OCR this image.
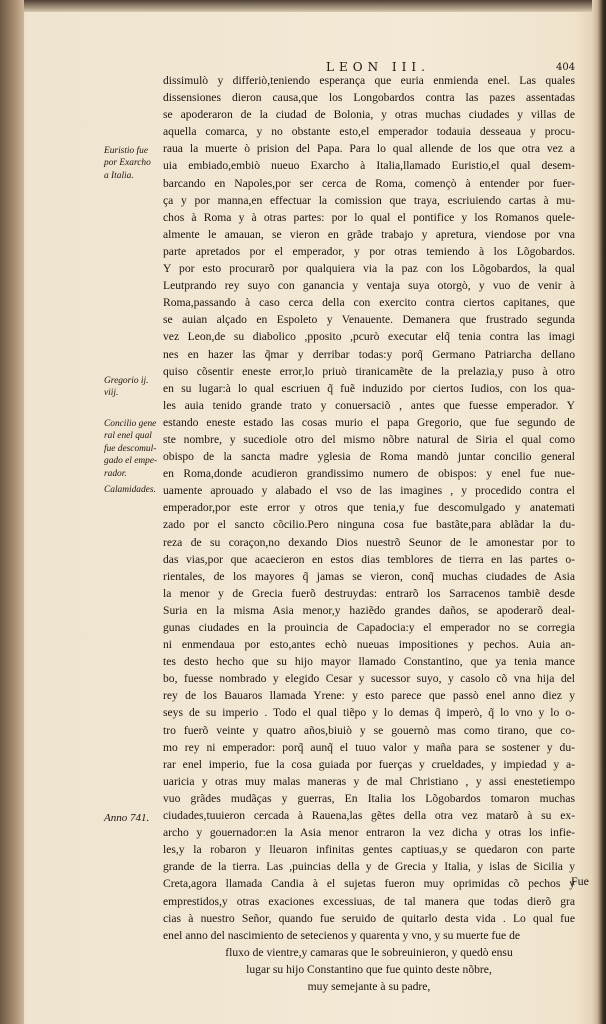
LEON III.	404
Euristio fue
por Exarcho
a Italia.
Gregorio ij.
viij.
Concilio gene
ral enel qual
fue descomul-
gado el empe-
rador.
Calamidades.
Anno 741.
dissimulò y differiò,teniendo esperança que euria enmienda enel. Las quales
dissensiones dieron causa,que los Longobardos contra las pazes assentadas
se apoderaron de la ciudad de Bolonia, y otras muchas ciudades y villas de
aquella comarca, y no obstante esto,el emperador todauia desseaua y procu-
raua la muerte ò prision del Papa. Para lo qual allende de los que otra vez a
uia embiado,embiò nueuo Exarcho à Italia,llamado Euristio,el qual desem-
barcando en Napoles,por ser cerca de Roma, començò à entender por fuer-
ça y por manna,en effectuar la comission que traya, escriuiendo cartas à mu-
chos à Roma y à otras partes: por lo qual el pontifice y los Romanos quele-
almente le amauan, se vieron en grãde trabajo y apretura, viendose por vna
parte apretados por el emperador, y por otras temiendo à los Lõgobardos.
Y por esto procurarõ por qualquiera via la paz con los Lõgobardos, la qual
Leutprando rey suyo con ganancia y ventaja suya otorgò, y vuo de venir à
Roma,passando à caso cerca della con exercito contra ciertos capitanes, que
se auian alçado en Espoleto y Venauente. Demanera que frustrado segunda
vez Leon,de su diabolico ,pposito ,pcurò executar elq̃ tenia contra las imagi
nes en hazer las q̃mar y derribar todas:y porq̃ Germano Patriarcha dellano
quiso cõsentir eneste error,lo priuò tiranicamẽte de la prelazia,y puso à otro
en su lugar:à lo qual escriuen q̃ fuẽ induzido por ciertos Iudios, con los qua-
les auia tenido grande trato y conuersaciõ , antes que fuesse emperador. Y
estando eneste estado las cosas murio el papa Gregorio, que fue segundo de
ste nombre, y sucediole otro del mismo nõbre natural de Siria el qual como
obispo de la sancta madre yglesia de Roma mandò juntar concilio general
en Roma,donde acudieron grandissimo numero de obispos: y enel fue nue-
uamente aprouado y alabado el vso de las imagines , y procedido contra el
emperador,por este error y otros que tenia,y fue descomulgado y anatemati
zado por el sancto cõcilio.Pero ninguna cosa fue bastãte,para ablãdar la du-
reza de su coraçon,no dexando Dios nuestrõ Seunor de le amonestar por to
das vias,por que acaecieron en estos dias temblores de tierra en las partes o-
rientales, de los mayores q̃ jamas se vieron, conq̃ muchas ciudades de Asia
la menor y de Grecia fuerõ destruydas: entrarõ los Sarracenos tambiẽ desde
Suria en la misma Asia menor,y haziẽdo grandes daños, se apoderarõ deal-
gunas ciudades en la prouincia de Capadocia:y el emperador no se corregia
ni enmendaua por esto,antes echò nueuas impositiones y pechos. Auia an-
tes desto hecho que su hijo mayor llamado Constantino, que ya tenia mance
bo, fuesse nombrado y elegido Cesar y sucessor suyo, y casolo cõ vna hija del
rey de los Bauaros llamada Yrene: y esto parece que passò enel anno diez y
seys de su imperio . Todo el qual tiẽpo y lo demas q̃ imperò, q̃ lo vno y lo o-
tro fuerõ veinte y quatro años,biuiò y se gouernò mas como tirano, que co-
mo rey ni emperador: porq̃ aunq̃ el tuuo valor y maña para se sostener y du-
rar enel imperio, fue la cosa guiada por fuerças y crueldades, y impiedad y a-
uaricia y otras muy malas maneras y de mal Christiano , y assi enestetiempo
vuo grãdes mudãças y guerras, En Italia los Lõgobardos tomaron muchas
ciudades,tuuieron cercada à Rauena,las gẽtes della otra vez matarõ à su ex-
archo y gouernador:en la Asia menor entraron la vez dicha y otras los infie-
les,y la robaron y lleuaron infinitas gentes captiuas,y se quedaron con parte
grande de la tierra. Las ,puincias della y de Grecia y Italia, y islas de Sicilia y
Creta,agora llamada Candia à el sujetas fueron muy oprimidas cõ pechos y
emprestidos,y otras exaciones excessiuas, de tal manera que todas dierõ gra
cias à nuestro Señor, quando fue seruido de quitarlo desta vida . Lo qual fue
enel anno del nascimiento de setecienos y quarenta y vno, y su muerte fue de
fluxo de vientre,y camaras que le sobreuinieron, y quedò ensu
lugar su hijo Constantino que fue quinto deste nõbre,
muy semejante à su padre,
Fue
